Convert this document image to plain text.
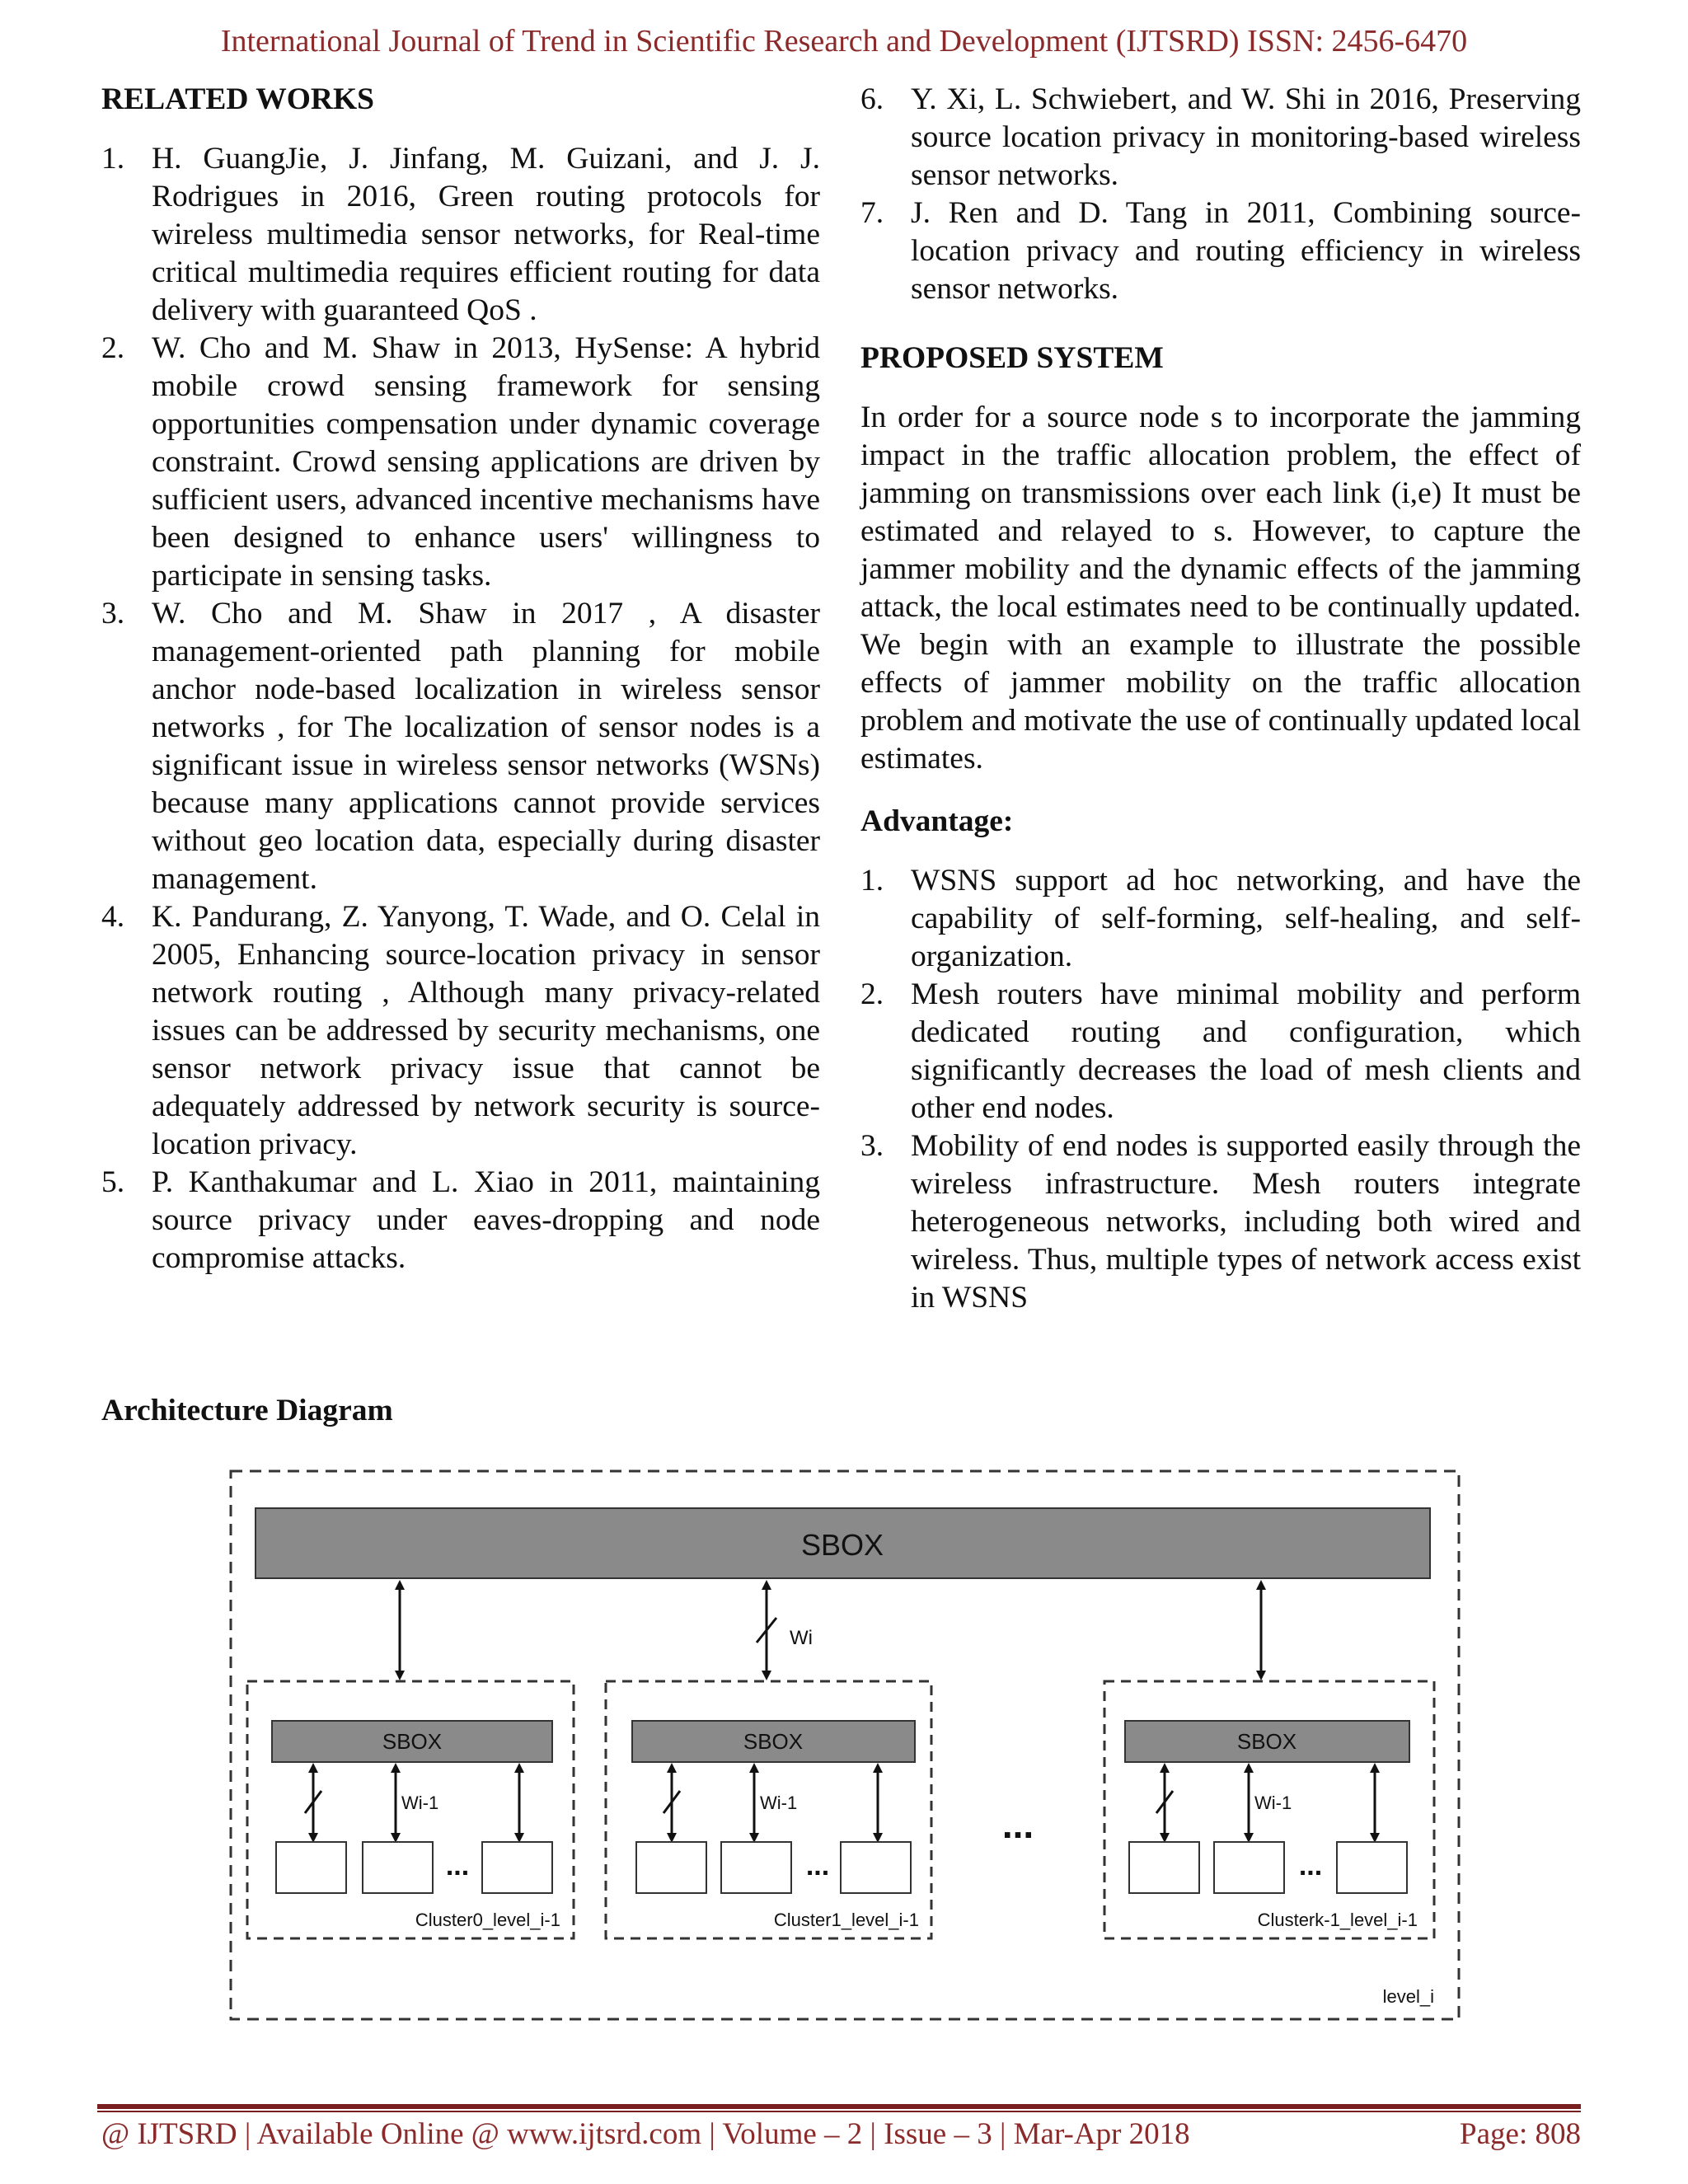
International Journal of Trend in Scientific Research and Development (IJTSRD) ISSN: 2456-6470
RELATED WORKS
1. H. GuangJie, J. Jinfang, M. Guizani, and J. J. Rodrigues in 2016, Green routing protocols for wireless multimedia sensor networks, for Real-time critical multimedia requires efficient routing for data delivery with guaranteed QoS .
2. W. Cho and M. Shaw in 2013, HySense: A hybrid mobile crowd sensing framework for sensing opportunities compensation under dynamic coverage constraint. Crowd sensing applications are driven by sufficient users, advanced incentive mechanisms have been designed to enhance users' willingness to participate in sensing tasks.
3. W. Cho and M. Shaw in 2017 , A disaster management-oriented path planning for mobile anchor node-based localization in wireless sensor networks , for The localization of sensor nodes is a significant issue in wireless sensor networks (WSNs) because many applications cannot provide services without geo location data, especially during disaster management.
4. K. Pandurang, Z. Yanyong, T. Wade, and O. Celal in 2005, Enhancing source-location privacy in sensor network routing , Although many privacy-related issues can be addressed by security mechanisms, one sensor network privacy issue that cannot be adequately addressed by network security is source-location privacy.
5. P. Kanthakumar and L. Xiao in 2011, maintaining source privacy under eaves-dropping and node compromise attacks.
6. Y. Xi, L. Schwiebert, and W. Shi in 2016, Preserving source location privacy in monitoring-based wireless sensor networks.
7. J. Ren and D. Tang in 2011, Combining source-location privacy and routing efficiency in wireless sensor networks.
PROPOSED SYSTEM

In order for a source node s to incorporate the jamming impact in the traffic allocation problem, the effect of jamming on transmissions over each link (i,e) It must be estimated and relayed to s. However, to capture the jammer mobility and the dynamic effects of the jamming attack, the local estimates need to be continually updated. We begin with an example to illustrate the possible effects of jammer mobility on the traffic allocation problem and motivate the use of continually updated local estimates.

Advantage:
1. WSNS support ad hoc networking, and have the capability of self-forming, self-healing, and self-organization.
2. Mesh routers have minimal mobility and perform dedicated routing and configuration, which significantly decreases the load of mesh clients and other end nodes.
3. Mobility of end nodes is supported easily through the wireless infrastructure. Mesh routers integrate heterogeneous networks, including both wired and wireless. Thus, multiple types of network access exist in WSNS
Architecture Diagram
SBOX
Wi
SBOX
Wi-1
...
Cluster0_level_i-1
SBOX
Wi-1
...
Cluster1_level_i-1
...
SBOX
Wi-1
...
Clusterk-1_level_i-1
level_i
@ IJTSRD | Available Online @ www.ijtsrd.com | Volume – 2 | Issue – 3 | Mar-Apr 2018	Page: 808
